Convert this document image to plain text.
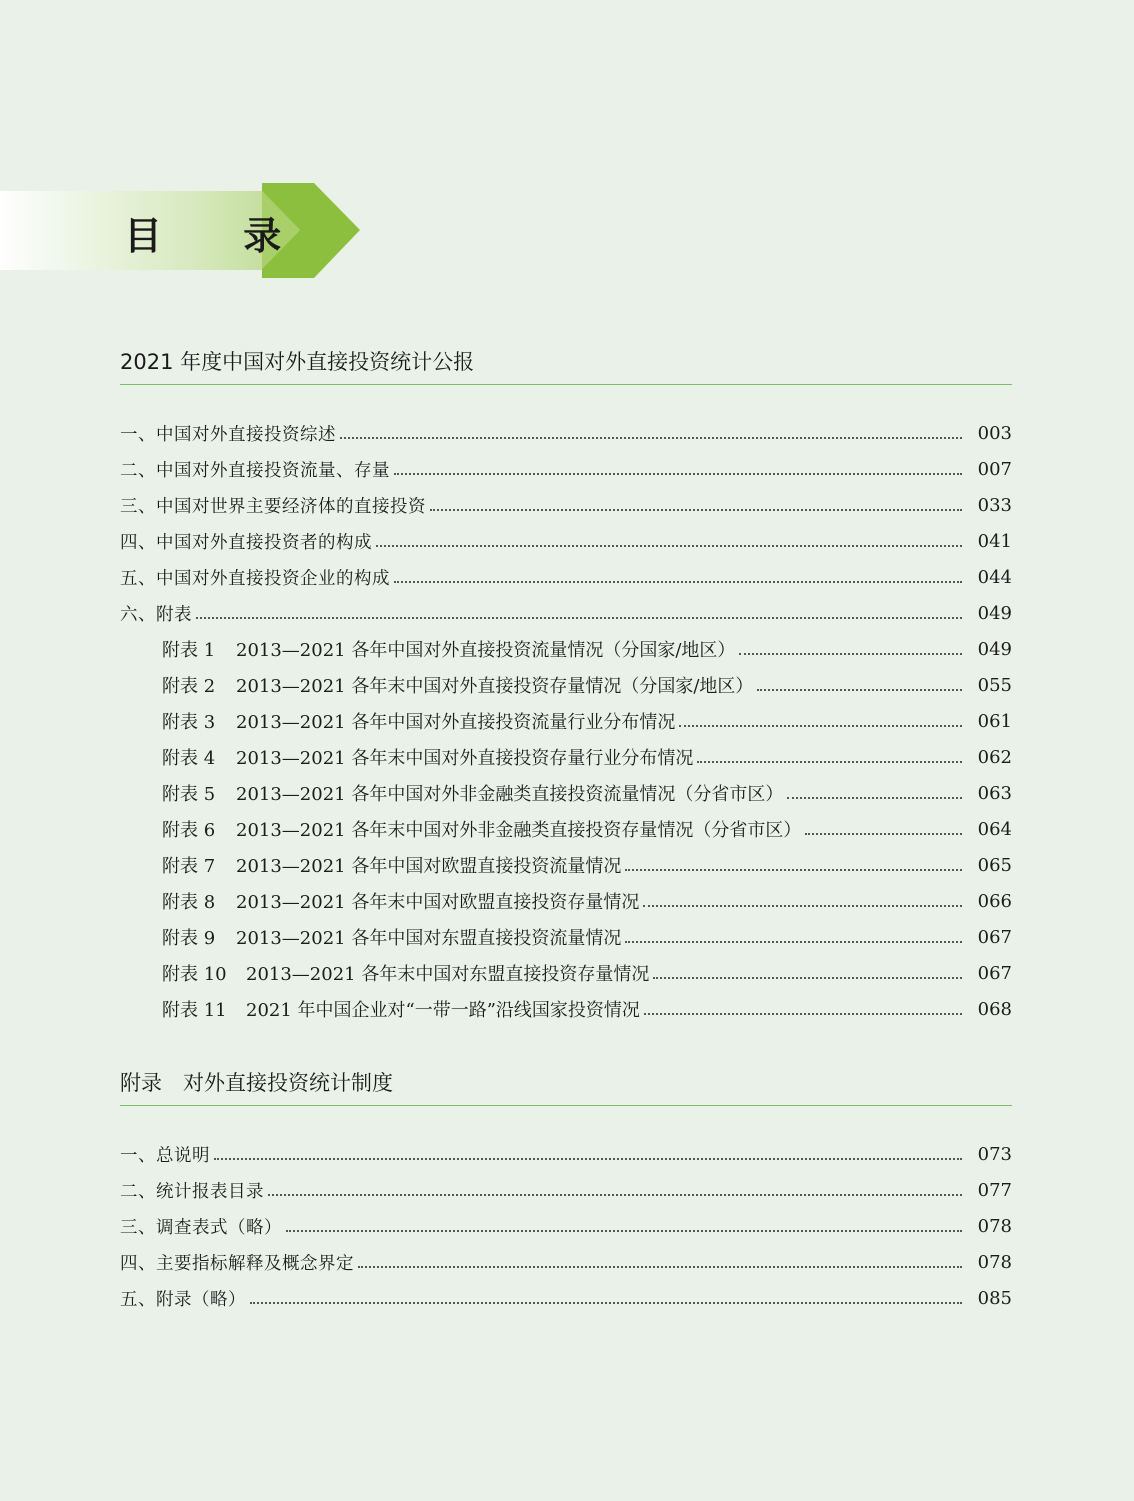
目 录
2021 年度中国对外直接投资统计公报
一、中国对外直接投资综述	003
二、中国对外直接投资流量、存量	007
三、中国对世界主要经济体的直接投资	033
四、中国对外直接投资者的构成	041
五、中国对外直接投资企业的构成	044
六、附表	049
附表 1 2013—2021 各年中国对外直接投资流量情况（分国家/地区）	049
附表 2 2013—2021 各年末中国对外直接投资存量情况（分国家/地区）	055
附表 3 2013—2021 各年中国对外直接投资流量行业分布情况	061
附表 4 2013—2021 各年末中国对外直接投资存量行业分布情况	062
附表 5 2013—2021 各年中国对外非金融类直接投资流量情况（分省市区）	063
附表 6 2013—2021 各年末中国对外非金融类直接投资存量情况（分省市区）	064
附表 7 2013—2021 各年中国对欧盟直接投资流量情况	065
附表 8 2013—2021 各年末中国对欧盟直接投资存量情况	066
附表 9 2013—2021 各年中国对东盟直接投资流量情况	067
附表 10 2013—2021 各年末中国对东盟直接投资存量情况	067
附表 11 2021 年中国企业对“一带一路”沿线国家投资情况	068
附录　对外直接投资统计制度
一、总说明	073
二、统计报表目录	077
三、调查表式（略）	078
四、主要指标解释及概念界定	078
五、附录（略）	085
